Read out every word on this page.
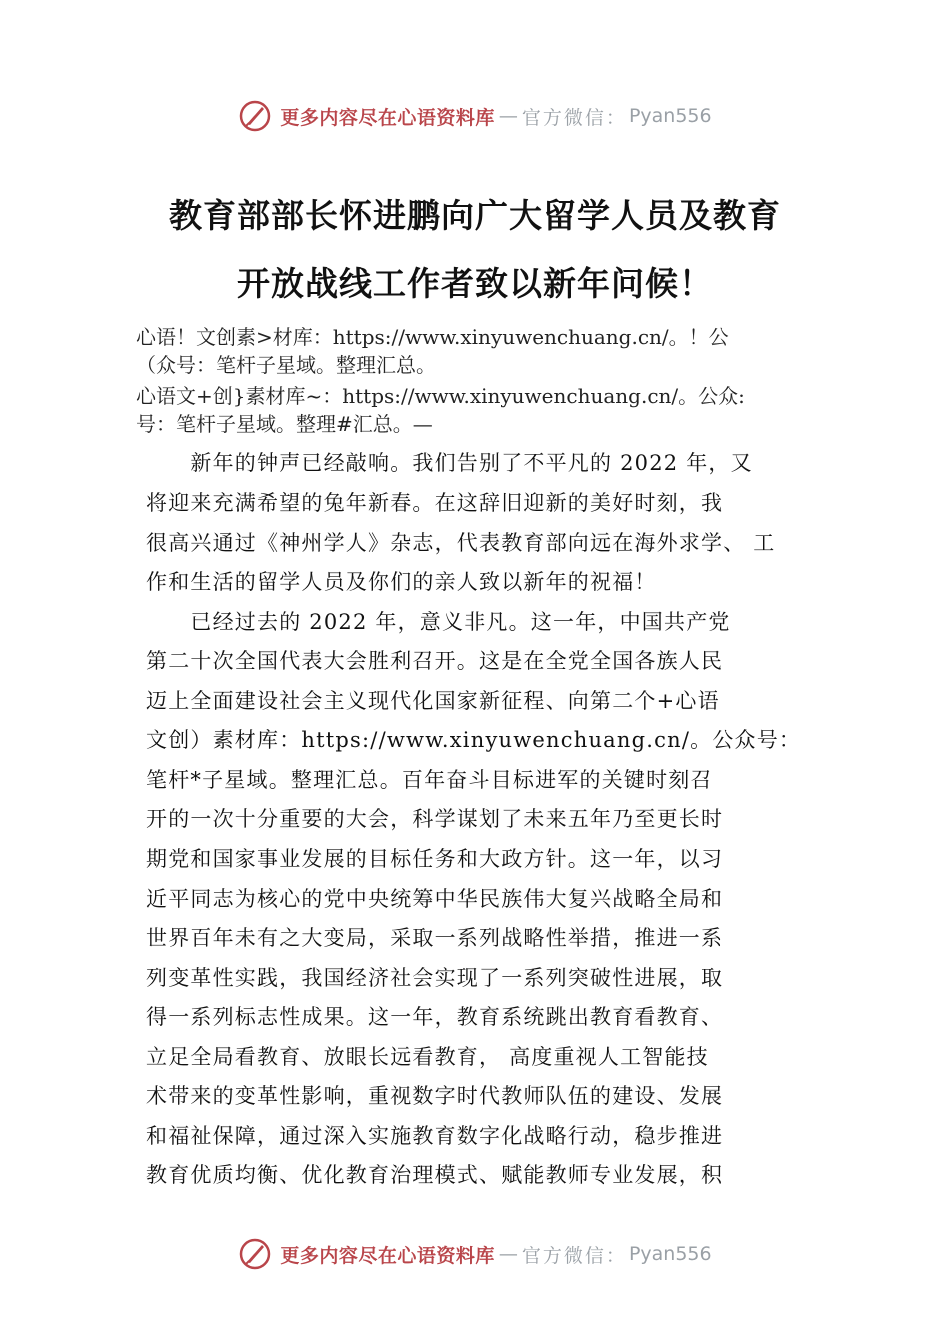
更多内容尽在心语资料库 — 官方微信： Pyan556
教育部部长怀进鹏向广大留学人员及教育
开放战线工作者致以新年问候！
心语！文创素>材库：https://www.xinyuwenchuang.cn/。！公
（众号：笔杆子星域。整理汇总。
心语文+创}素材库~：https://www.xinyuwenchuang.cn/。公众:
号：笔杆子星域。整理#汇总。—
　　新年的钟声已经敲响。我们告别了不平凡的 2022 年，又
将迎来充满希望的兔年新春。在这辞旧迎新的美好时刻，我
很高兴通过《神州学人》杂志，代表教育部向远在海外求学、 工
作和生活的留学人员及你们的亲人致以新年的祝福！
　　已经过去的 2022 年，意义非凡。这一年，中国共产党
第二十次全国代表大会胜利召开。这是在全党全国各族人民
迈上全面建设社会主义现代化国家新征程、向第二个+心语
文创）素材库：https://www.xinyuwenchuang.cn/。公众号：
笔杆*子星域。整理汇总。百年奋斗目标进军的关键时刻召
开的一次十分重要的大会，科学谋划了未来五年乃至更长时
期党和国家事业发展的目标任务和大政方针。这一年，以习
近平同志为核心的党中央统筹中华民族伟大复兴战略全局和
世界百年未有之大变局，采取一系列战略性举措，推进一系
列变革性实践，我国经济社会实现了一系列突破性进展，取
得一系列标志性成果。这一年，教育系统跳出教育看教育、
立足全局看教育、放眼长远看教育， 高度重视人工智能技
术带来的变革性影响，重视数字时代教师队伍的建设、发展
和福祉保障，通过深入实施教育数字化战略行动，稳步推进
教育优质均衡、优化教育治理模式、赋能教师专业发展，积
更多内容尽在心语资料库 — 官方微信： Pyan556
